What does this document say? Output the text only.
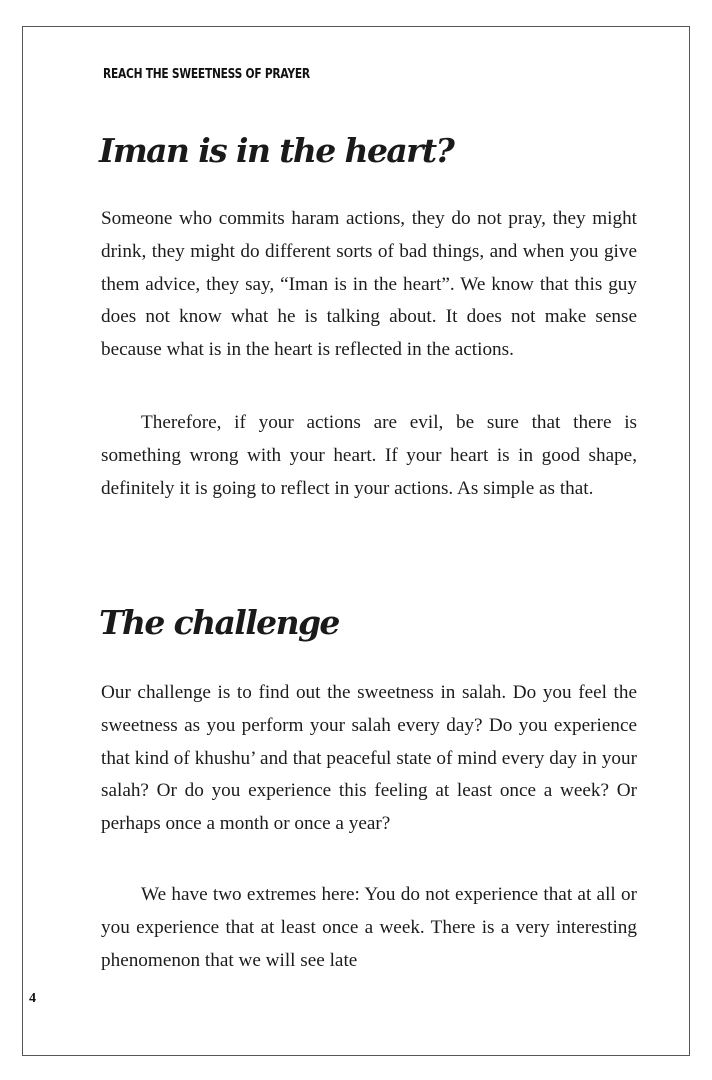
REACH THE SWEETNESS OF PRAYER
Iman is in the heart?

Someone who commits haram actions, they do not pray, they might drink, they might do different sorts of bad things, and when you give them advice, they say, “Iman is in the heart”. We know that this guy does not know what he is talking about. It does not make sense because what is in the heart is reflected in the actions.

Therefore, if your actions are evil, be sure that there is something wrong with your heart. If your heart is in good shape, definitely it is going to reflect in your actions. As simple as that.

The challenge

Our challenge is to find out the sweetness in salah. Do you feel the sweetness as you perform your salah every day? Do you experience that kind of khushu’ and that peaceful state of mind every day in your salah? Or do you experience this feeling at least once a week? Or perhaps once a month or once a year?

We have two extremes here: You do not experience that at all or you experience that at least once a week. There is a very interesting phenomenon that we will see late

4
